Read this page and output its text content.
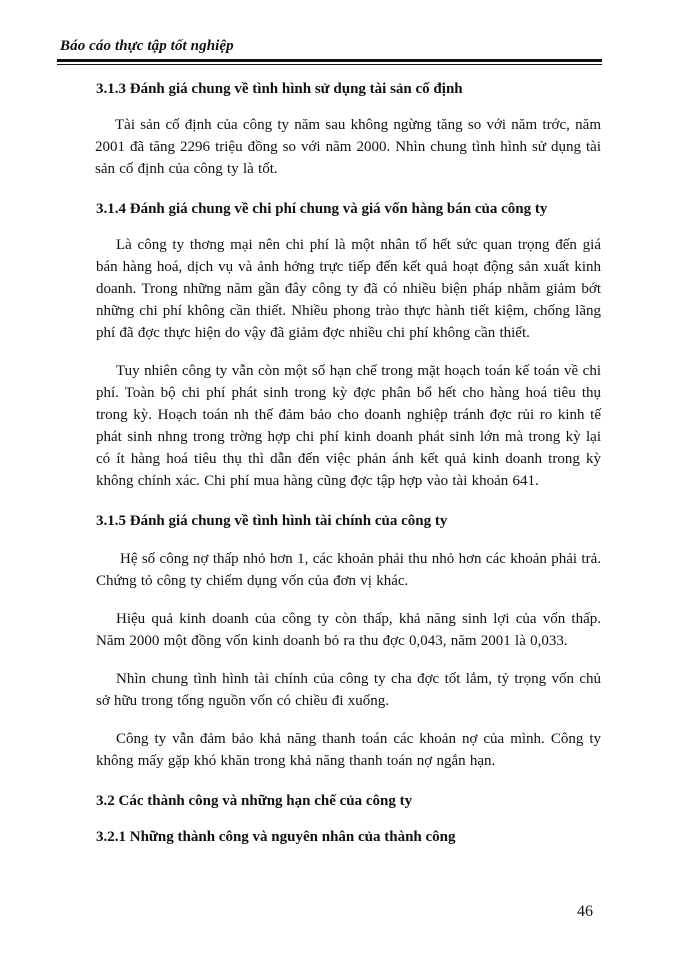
Báo cáo thực tập tốt nghiệp

3.1.3 Đánh giá chung về tình hình sử dụng tài sản cố định

Tài sản cố định của công ty năm sau không ngừng tăng so với năm trớc, năm 2001 đã tăng 2296 triệu đồng so với năm 2000. Nhìn chung tình hình sử dụng tài sản cố định của công ty là tốt.

3.1.4 Đánh giá chung về chi phí chung và giá vốn hàng bán của công ty

Là công ty thơng mại nên chi phí là một nhân tố hết sức quan trọng đến giá bán hàng hoá, dịch vụ và ảnh hởng trực tiếp đến kết quả hoạt động sản xuất kinh doanh. Trong những năm gần đây công ty đã có nhiều biện pháp nhằm giảm bớt những chi phí không cần thiết. Nhiều phong trào thực hành tiết kiệm, chống lãng phí đã đợc thực hiện do vậy đã giảm đợc nhiều chi phí không cần thiết.

Tuy nhiên công ty vẫn còn một số hạn chế trong mặt hoạch toán kế toán về chi phí. Toàn bộ chi phí phát sinh trong kỳ đợc phân bổ hết cho hàng hoá tiêu thụ trong kỳ. Hoạch toán nh thế đảm bảo cho doanh nghiệp tránh đợc rủi ro kinh tế phát sinh nhng trong trờng hợp chi phí kinh doanh phát sinh lớn mà trong kỳ lại có ít hàng hoá tiêu thụ thì dẫn đến việc phản ánh kết quả kinh doanh trong kỳ không chính xác. Chi phí mua hàng cũng đợc tập hợp vào tài khoản 641.

3.1.5 Đánh giá chung về tình hình tài chính của công ty

Hệ số công nợ thấp nhỏ hơn 1, các khoản phải thu nhỏ hơn các khoản phải trả. Chứng tỏ công ty chiếm dụng vốn của đơn vị khác.

Hiệu quả kinh doanh của công ty còn thấp, khả năng sinh lợi của vốn thấp. Năm 2000 một đồng vốn kinh doanh bỏ ra thu đợc 0,043, năm 2001 là 0,033.

Nhìn chung tình hình tài chính của công ty cha đợc tốt lắm, tỷ trọng vốn chủ sở hữu trong tổng nguồn vốn có chiều đi xuống.

Công ty vẫn đảm bảo khả năng thanh toán các khoản nợ của mình. Công ty không mấy gặp khó khăn trong khả năng thanh toán nợ ngắn hạn.

3.2 Các thành công và những hạn chế của công ty

3.2.1 Những thành công và nguyên nhân của thành công

46
